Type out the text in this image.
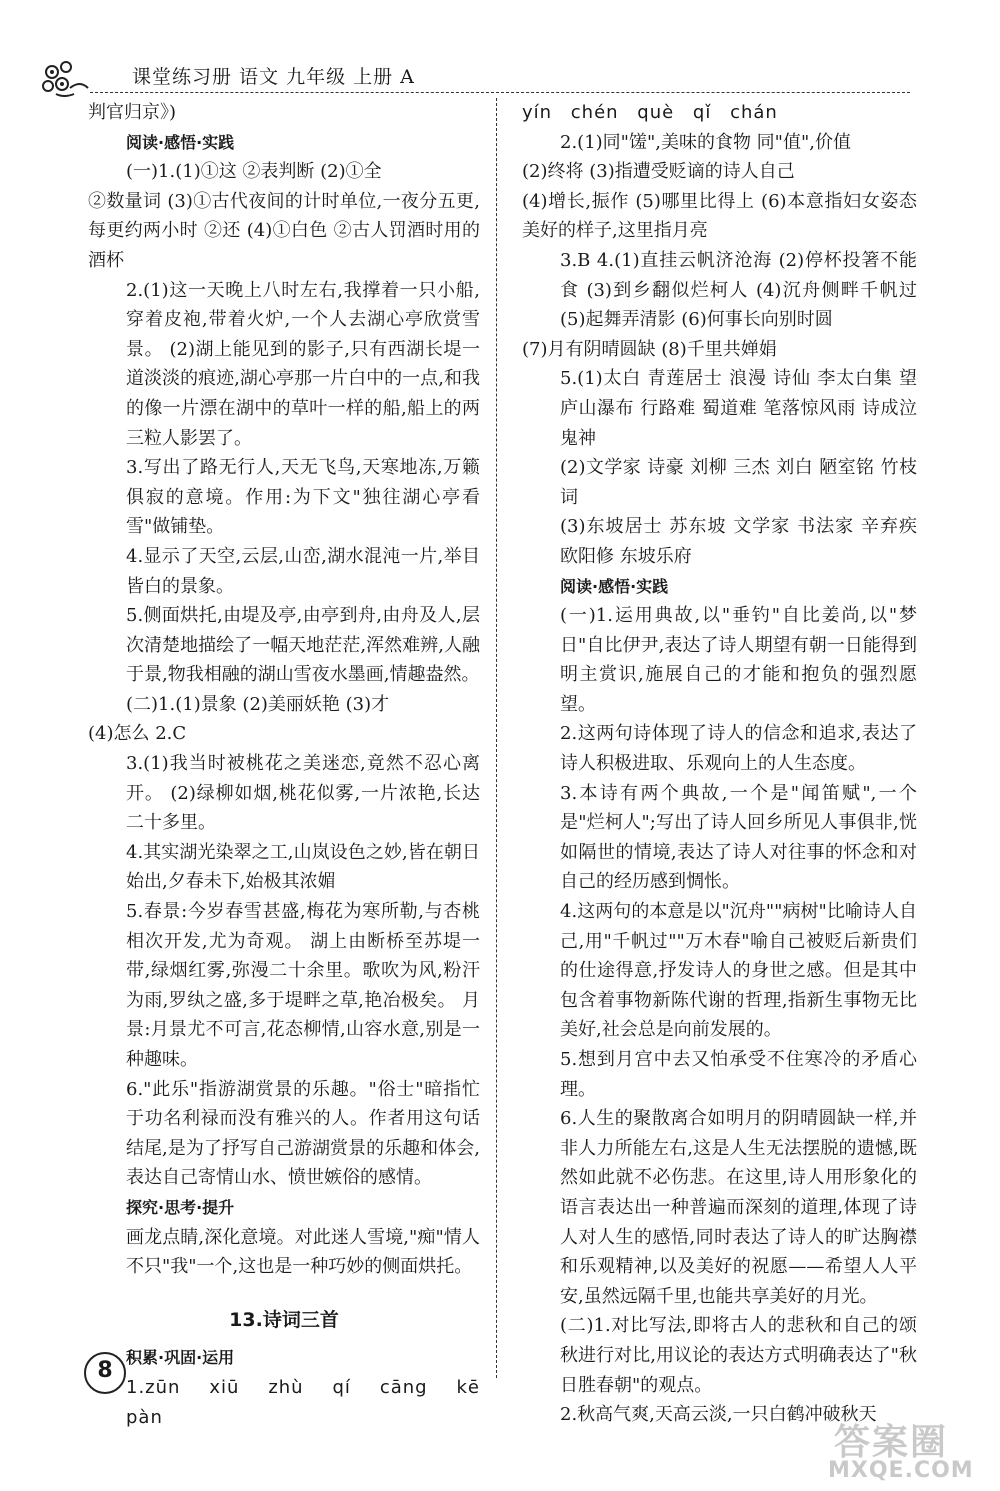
课堂练习册 语文 九年级 上册 A

判官归京》)

阅读·感悟·实践

(一)1.(1)①这 ②表判断 (2)①全

②数量词 (3)①古代夜间的计时单位,一夜分五更,每更约两小时 ②还 (4)①白色 ②古人罚酒时用的酒杯

2.(1)这一天晚上八时左右,我撑着一只小船,穿着皮袍,带着火炉,一个人去湖心亭欣赏雪景。 (2)湖上能见到的影子,只有西湖长堤一道淡淡的痕迹,湖心亭那一片白中的一点,和我的像一片漂在湖中的草叶一样的船,船上的两三粒人影罢了。

3.写出了路无行人,天无飞鸟,天寒地冻,万籁俱寂的意境。作用:为下文"独往湖心亭看雪"做铺垫。

4.显示了天空,云层,山峦,湖水混沌一片,举目皆白的景象。

5.侧面烘托,由堤及亭,由亭到舟,由舟及人,层次清楚地描绘了一幅天地茫茫,浑然难辨,人融于景,物我相融的湖山雪夜水墨画,情趣盎然。

(二)1.(1)景象 (2)美丽妖艳 (3)才

(4)怎么 2.C

3.(1)我当时被桃花之美迷恋,竟然不忍心离开。 (2)绿柳如烟,桃花似雾,一片浓艳,长达二十多里。

4.其实湖光染翠之工,山岚设色之妙,皆在朝日始出,夕春未下,始极其浓媚

5.春景:今岁春雪甚盛,梅花为寒所勒,与杏桃相次开发,尤为奇观。 湖上由断桥至苏堤一带,绿烟红雾,弥漫二十余里。歌吹为风,粉汗为雨,罗纨之盛,多于堤畔之草,艳冶极矣。 月景:月景尤不可言,花态柳情,山容水意,别是一种趣味。

6."此乐"指游湖赏景的乐趣。"俗士"暗指忙于功名利禄而没有雅兴的人。作者用这句话结尾,是为了抒写自己游湖赏景的乐趣和体会,表达自己寄情山水、愤世嫉俗的感情。

探究·思考·提升

画龙点睛,深化意境。对此迷人雪境,"痴"情人不只"我"一个,这也是一种巧妙的侧面烘托。

13.诗词三首

积累·巩固·运用

1.zūn xiū zhù qí cāng kē pàn

yín chén què qǐ chán

2.(1)同"馐",美味的食物 同"值",价值

(2)终将 (3)指遭受贬谪的诗人自己

(4)增长,振作 (5)哪里比得上 (6)本意指妇女姿态美好的样子,这里指月亮

3.B 4.(1)直挂云帆济沧海 (2)停杯投箸不能食 (3)到乡翻似烂柯人 (4)沉舟侧畔千帆过 (5)起舞弄清影 (6)何事长向别时圆

(7)月有阴晴圆缺 (8)千里共婵娟

5.(1)太白 青莲居士 浪漫 诗仙 李太白集 望庐山瀑布 行路难 蜀道难 笔落惊风雨 诗成泣鬼神

(2)文学家 诗豪 刘柳 三杰 刘白 陋室铭 竹枝词

(3)东坡居士 苏东坡 文学家 书法家 辛弃疾 欧阳修 东坡乐府

阅读·感悟·实践

(一)1.运用典故,以"垂钓"自比姜尚,以"梦日"自比伊尹,表达了诗人期望有朝一日能得到明主赏识,施展自己的才能和抱负的强烈愿望。

2.这两句诗体现了诗人的信念和追求,表达了诗人积极进取、乐观向上的人生态度。

3.本诗有两个典故,一个是"闻笛赋",一个是"烂柯人";写出了诗人回乡所见人事俱非,恍如隔世的情境,表达了诗人对往事的怀念和对自己的经历感到惆怅。

4.这两句的本意是以"沉舟""病树"比喻诗人自己,用"千帆过""万木春"喻自己被贬后新贵们的仕途得意,抒发诗人的身世之感。但是其中包含着事物新陈代谢的哲理,指新生事物无比美好,社会总是向前发展的。

5.想到月宫中去又怕承受不住寒冷的矛盾心理。

6.人生的聚散离合如明月的阴晴圆缺一样,并非人力所能左右,这是人生无法摆脱的遗憾,既然如此就不必伤悲。在这里,诗人用形象化的语言表达出一种普遍而深刻的道理,体现了诗人对人生的感悟,同时表达了诗人的旷达胸襟和乐观精神,以及美好的祝愿——希望人人平安,虽然远隔千里,也能共享美好的月光。

(二)1.对比写法,即将古人的悲秋和自己的颂秋进行对比,用议论的表达方式明确表达了"秋日胜春朝"的观点。

2.秋高气爽,天高云淡,一只白鹤冲破秋天

8
答案圈
MXQE.COM
